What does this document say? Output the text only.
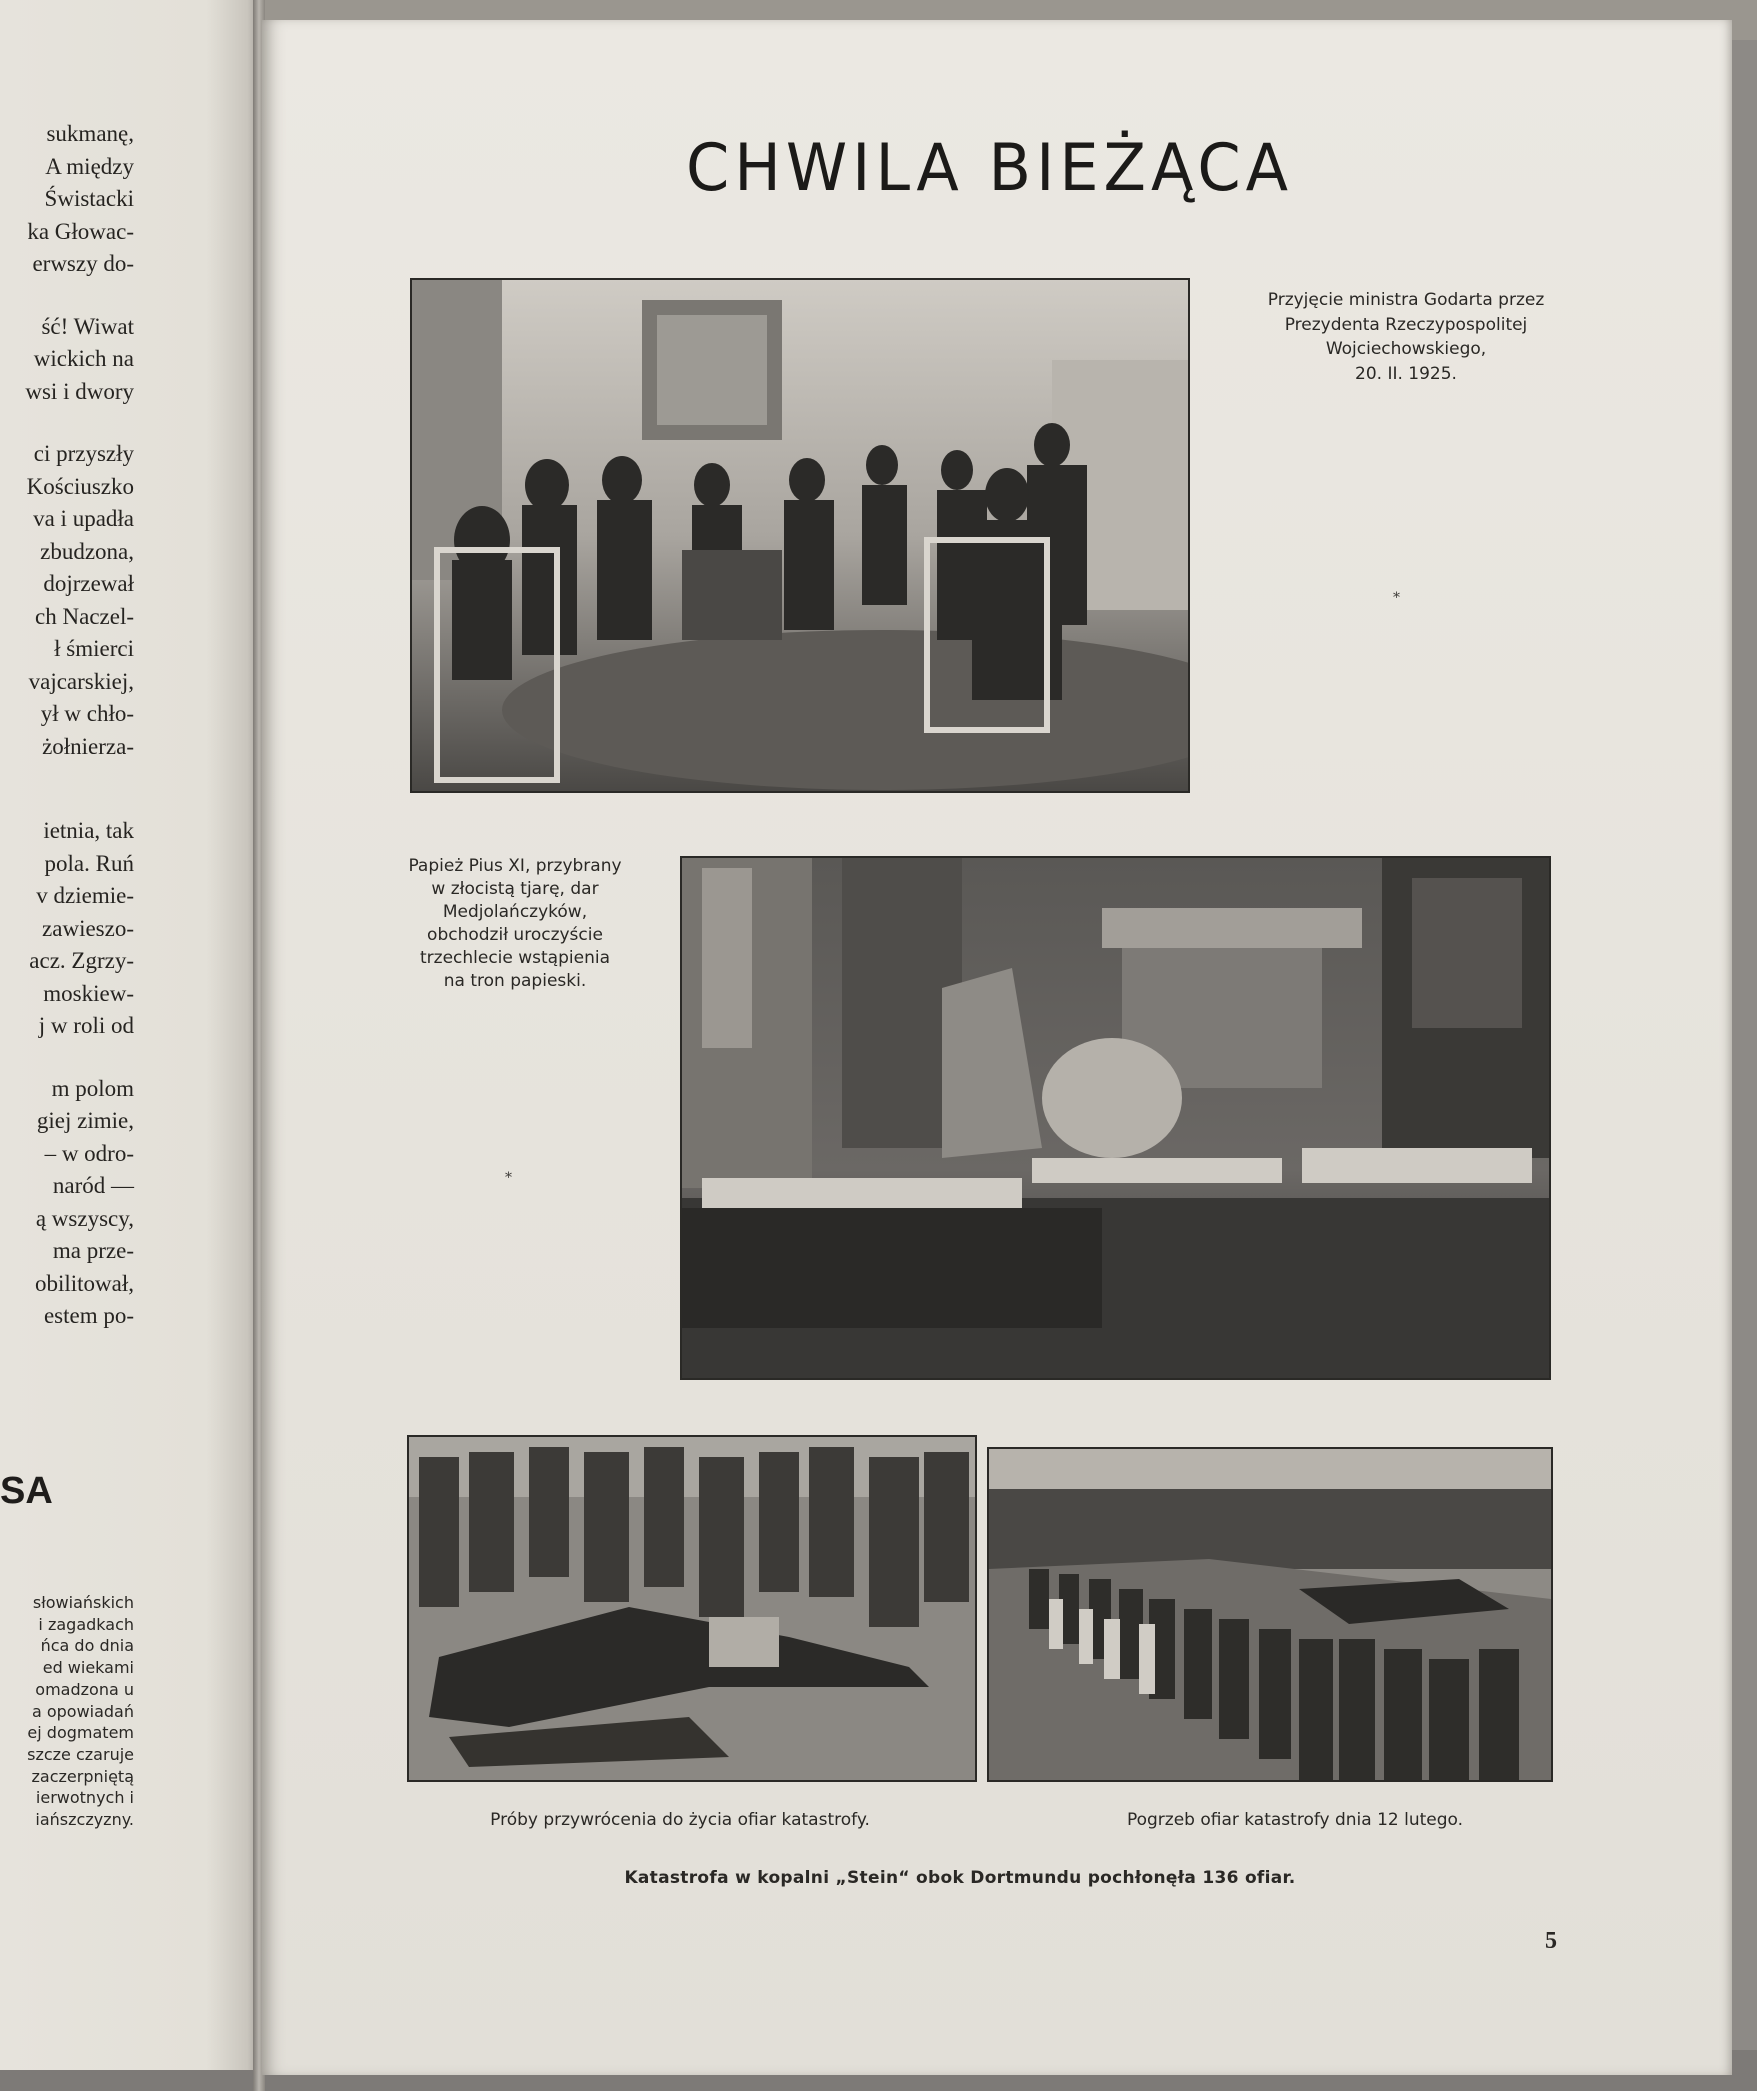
sukmanę,
A między
Świstacki
ka Głowac-
erwszy do-
ść! Wiwat
wickich na
wsi i dwory
ci przyszły
Kościuszko
va i upadła
zbudzona,
dojrzewał
ch Naczel-
ł śmierci
vajcarskiej,
ył w chło-
żołnierza-
ietnia, tak
pola. Ruń
v dziemie-
zawieszo-
acz. Zgrzy-
moskiew-
j w roli od
m polom
giej zimie,
– w odro-
naród —
ą wszyscy,
ma prze-
obilitował,
estem po-
SA
słowiańskich
i zagadkach
ńca do dnia
ed wiekami
omadzona u
a opowiadań
ej dogmatem
szcze czaruje
zaczerpniętą
ierwotnych i
iańszczyzny.
CHWILA BIEŻĄCA
Przyjęcie ministra Godarta przez
Prezydenta Rzeczypospolitej
Wojciechowskiego,
20. II. 1925.
*
Papież Pius XI, przybrany
w złocistą tjarę, dar
Medjolańczyków,
obchodził uroczyście
trzechlecie wstąpienia
na tron papieski.
*
Próby przywrócenia do życia ofiar katastrofy.	Pogrzeb ofiar katastrofy dnia 12 lutego.
Katastrofa w kopalni „Stein“ obok Dortmundu pochłonęła 136 ofiar.
5
